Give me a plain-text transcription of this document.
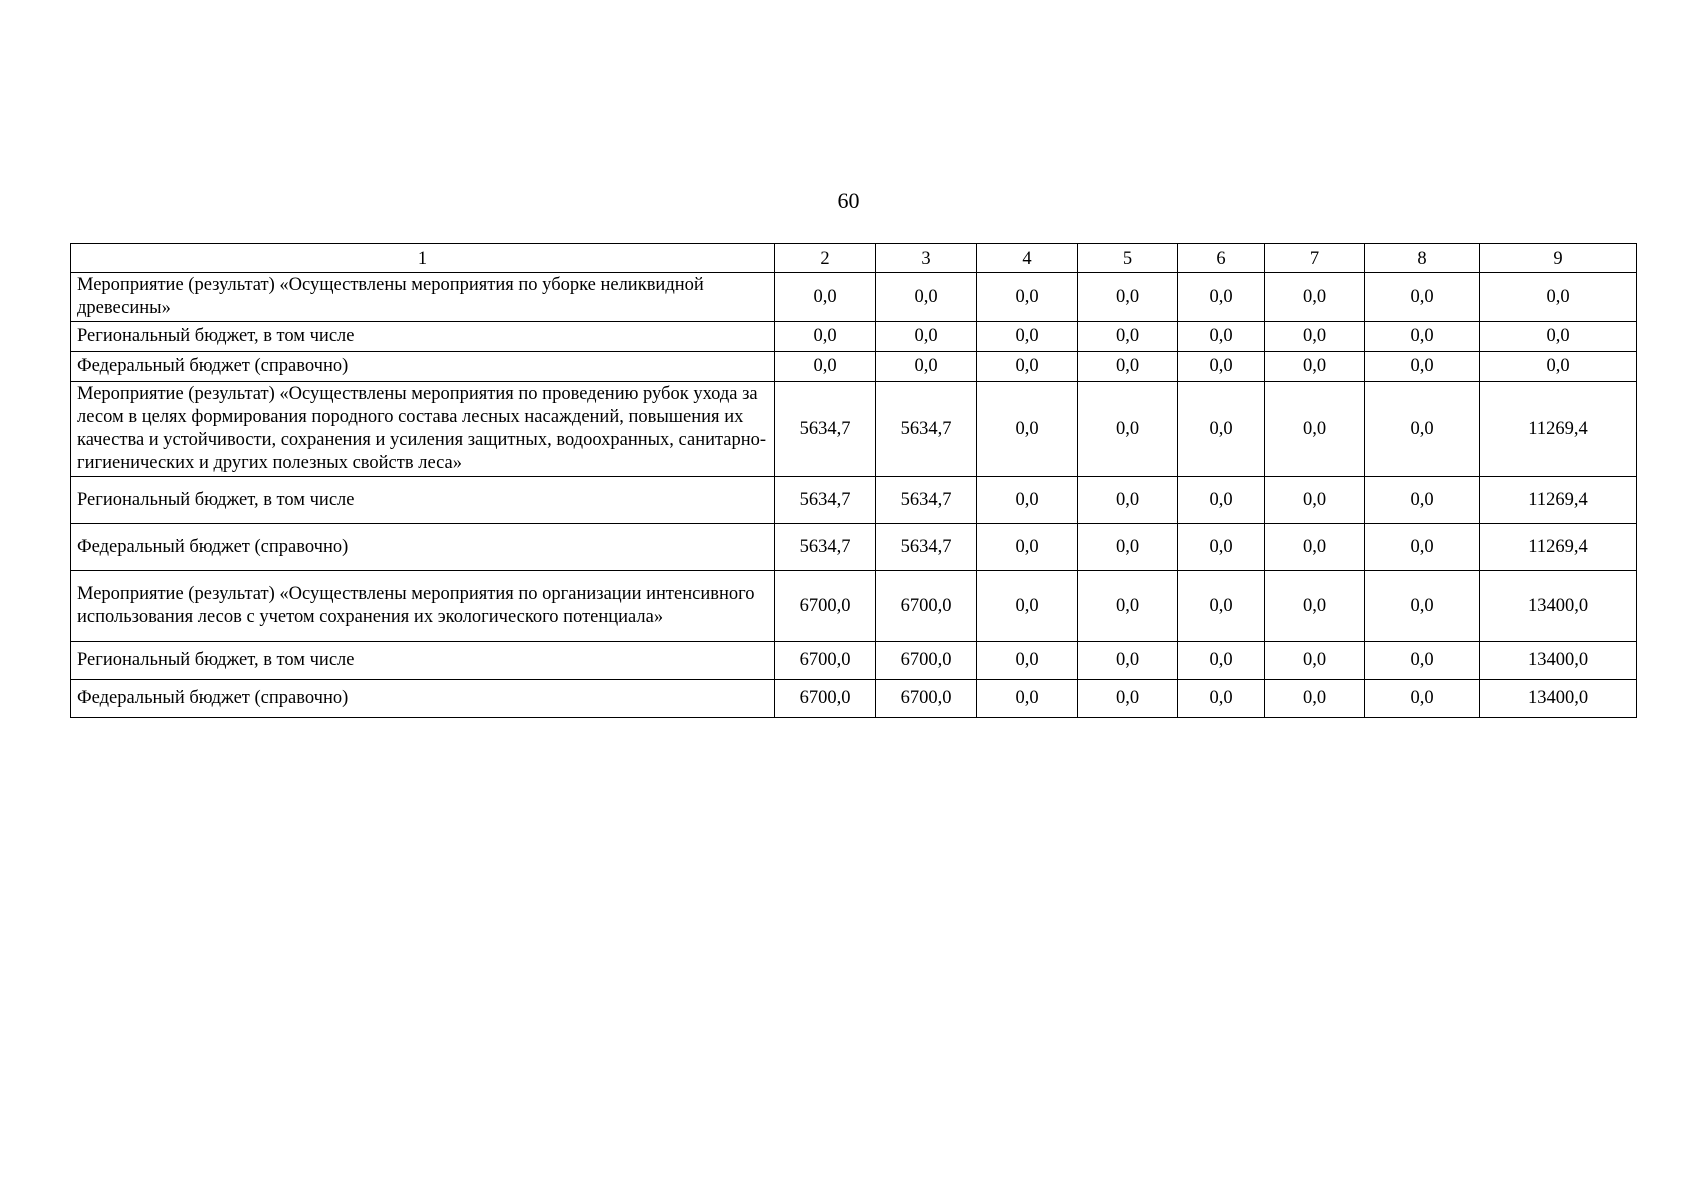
60
1	2	3	4	5	6	7	8	9
Мероприятие (результат) «Осуществлены мероприятия по уборке неликвидной древесины»	0,0	0,0	0,0	0,0	0,0	0,0	0,0	0,0
Региональный бюджет, в том числе	0,0	0,0	0,0	0,0	0,0	0,0	0,0	0,0
Федеральный бюджет (справочно)	0,0	0,0	0,0	0,0	0,0	0,0	0,0	0,0
Мероприятие (результат) «Осуществлены мероприятия по проведению рубок ухода за лесом в целях формирования породного состава лесных насаждений, повышения их качества и устойчивости, сохранения и усиления защитных, водоохранных, санитарно-гигиенических и других полезных свойств леса»	5634,7	5634,7	0,0	0,0	0,0	0,0	0,0	11269,4
Региональный бюджет, в том числе	5634,7	5634,7	0,0	0,0	0,0	0,0	0,0	11269,4
Федеральный бюджет (справочно)	5634,7	5634,7	0,0	0,0	0,0	0,0	0,0	11269,4
Мероприятие (результат) «Осуществлены мероприятия по организации интенсивного использования лесов с учетом сохранения их экологического потенциала»	6700,0	6700,0	0,0	0,0	0,0	0,0	0,0	13400,0
Региональный бюджет, в том числе	6700,0	6700,0	0,0	0,0	0,0	0,0	0,0	13400,0
Федеральный бюджет (справочно)	6700,0	6700,0	0,0	0,0	0,0	0,0	0,0	13400,0
